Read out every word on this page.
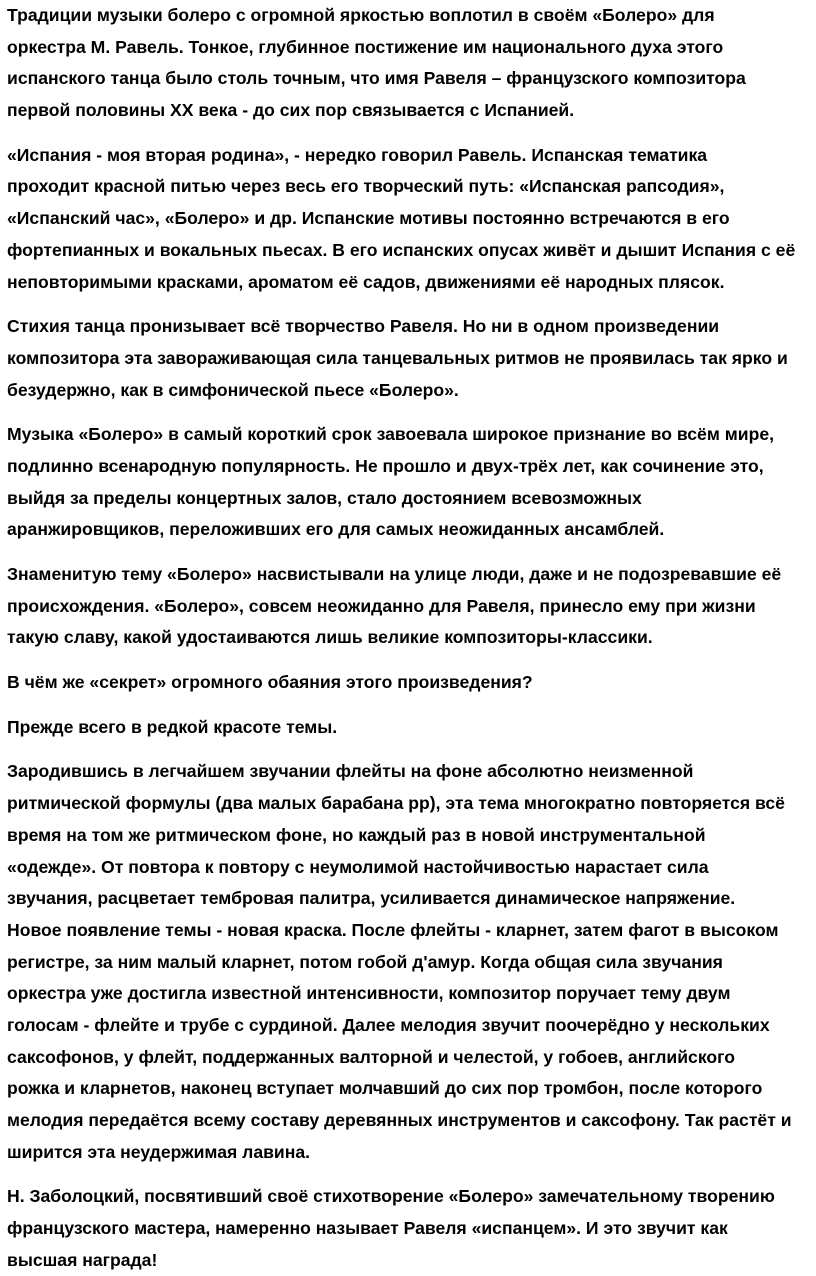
Традиции музыки болеро с огромной яркостью воплотил в своём «Болеро» для
оркестра М. Равель. Тонкое, глубинное постижение им национального духа этого
испанского танца было столь точным, что имя Равеля – французского композитора
первой половины ХХ века - до сих пор связывается с Испанией.

«Испания - моя вторая родина», - нередко говорил Равель. Испанская тематика
проходит красной питью через весь его творческий путь: «Испанская рапсодия»,
«Испанский час», «Болеро» и др. Испанские мотивы постоянно встречаются в его
фортепианных и вокальных пьесах. В его испанских опусах живёт и дышит Испания с её
неповторимыми красками, ароматом её садов, движениями её народных плясок.

Стихия танца пронизывает всё творчество Равеля. Но ни в одном произведении
композитора эта завораживающая сила танцевальных ритмов не проявилась так ярко и
безудержно, как в симфонической пьесе «Болеро».

Музыка «Болеро» в самый короткий срок завоевала широкое признание во всём мире,
подлинно всенародную популярность. Не прошло и двух-трёх лет, как сочинение это,
выйдя за пределы концертных залов, стало достоянием всевозможных
аранжировщиков, переложивших его для самых неожиданных ансамблей.

Знаменитую тему «Болеро» насвистывали на улице люди, даже и не подозревавшие её
происхождения. «Болеро», совсем неожиданно для Равеля, принесло ему при жизни
такую славу, какой удостаиваются лишь великие композиторы-классики.

В чём же «секрет» огромного обаяния этого произведения?

Прежде всего в редкой красоте темы.

Зародившись в легчайшем звучании флейты на фоне абсолютно неизменной
ритмической формулы (два малых барабана pp), эта тема многократно повторяется всё
время на том же ритмическом фоне, но каждый раз в новой инструментальной
«одежде». От повтора к повтору с неумолимой настойчивостью нарастает сила
звучания, расцветает тембровая палитра, усиливается динамическое напряжение.
Новое появление темы - новая краска. После флейты - кларнет, затем фагот в высоком
регистре, за ним малый кларнет, потом гобой д'амур. Когда общая сила звучания
оркестра уже достигла известной интенсивности, композитор поручает тему двум
голосам - флейте и трубе с сурдиной. Далее мелодия звучит поочерёдно у нескольких
саксофонов, у флейт, поддержанных валторной и челестой, у гобоев, английского
рожка и кларнетов, наконец вступает молчавший до сих пор тромбон, после которого
мелодия передаётся всему составу деревянных инструментов и саксофону. Так растёт и
ширится эта неудержимая лавина.

Н. Заболоцкий, посвятивший своё стихотворение «Болеро» замечательному творению
французского мастера, намеренно называет Равеля «испанцем». И это звучит как
высшая награда!
